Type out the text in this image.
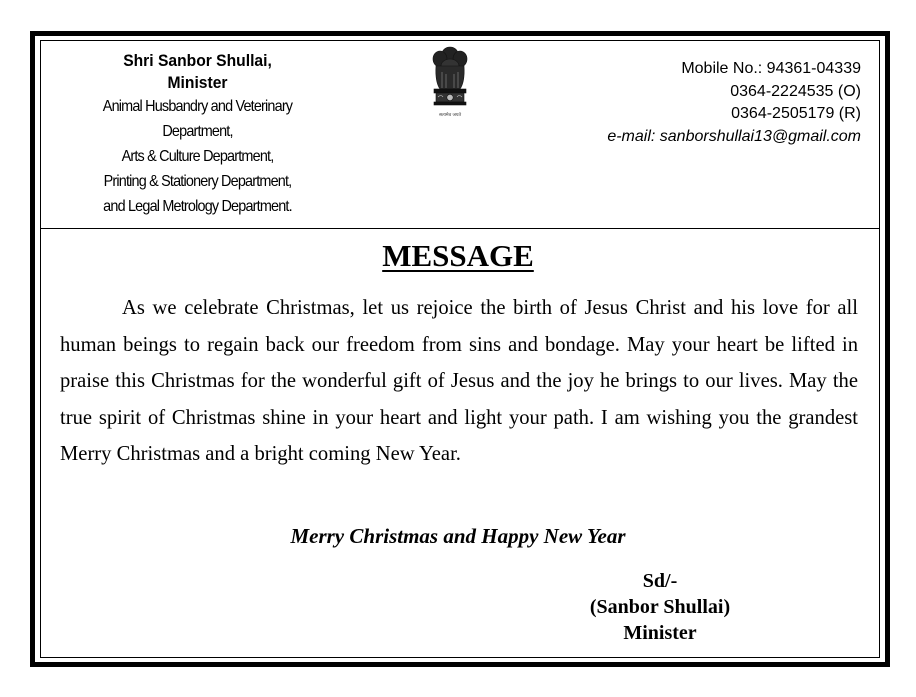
Shri Sanbor Shullai,
Minister
Animal Husbandry and Veterinary
Department,
Arts & Culture Department,
Printing & Stationery Department,
and Legal Metrology Department.
सत्यमेव जयते
Mobile No.: 94361-04339
0364-2224535 (O)
0364-2505179 (R)
e-mail: sanborshullai13@gmail.com
MESSAGE

As we celebrate Christmas, let us rejoice the birth of Jesus Christ and his love for all human beings to regain back our freedom from sins and bondage. May your heart be lifted in praise this Christmas for the wonderful gift of Jesus and the joy he brings to our lives. May the true spirit of Christmas shine in your heart and light your path. I am wishing you the grandest Merry Christmas and a bright coming New Year.

Merry Christmas and Happy New Year
Sd/-
(Sanbor Shullai)
Minister
